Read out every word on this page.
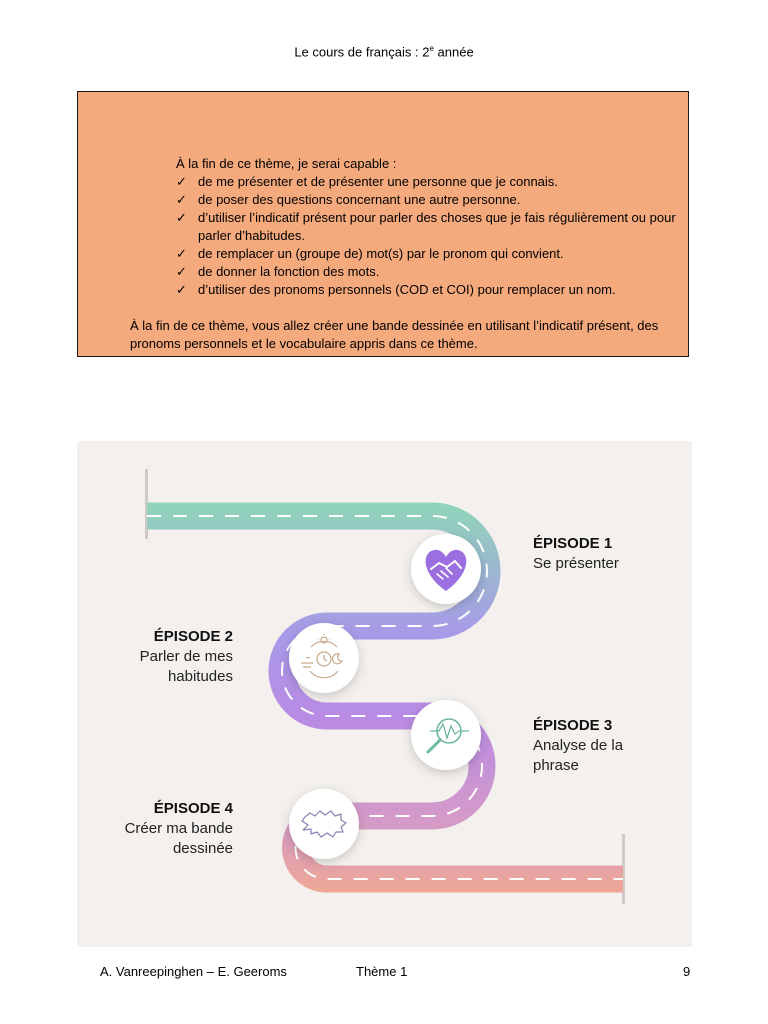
Le cours de français : 2e année
À la fin de ce thème, je serai capable :
✓ de me présenter et de présenter une personne que je connais.
✓ de poser des questions concernant une autre personne.
✓ d’utiliser l’indicatif présent pour parler des choses que je fais régulièrement ou pour parler d’habitudes.
✓ de remplacer un (groupe de) mot(s) par le pronom qui convient.
✓ de donner la fonction des mots.
✓ d’utiliser des pronoms personnels (COD et COI) pour remplacer un nom.
À la fin de ce thème, vous allez créer une bande dessinée en utilisant l’indicatif présent, des pronoms personnels et le vocabulaire appris dans ce thème.
ÉPISODE 1
Se présenter
ÉPISODE 2
Parler de mes
habitudes
ÉPISODE 3
Analyse de la
phrase
ÉPISODE 4
Créer ma bande
dessinée
A. Vanreepinghen – E. Geeroms	Thème 1	9
